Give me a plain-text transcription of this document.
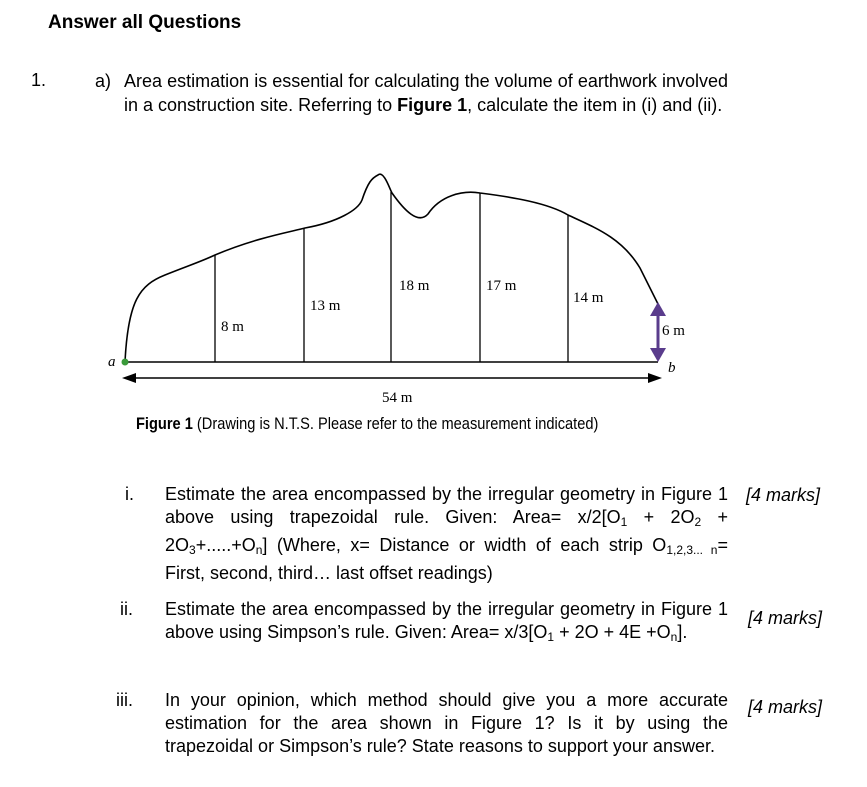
Answer all Questions
1.	a) Area estimation is essential for calculating the volume of earthwork involved in a construction site. Referring to Figure 1, calculate the item in (i) and (ii).
8 m
13 m
18 m	17 m
14 m
6 m
a	b
54 m
Figure 1 (Drawing is N.T.S. Please refer to the measurement indicated)
i. Estimate the area encompassed by the irregular geometry in Figure 1 above using trapezoidal rule. Given: Area= $x/2[O_1 + 2O_2 + 2O_3+.....+O_n]$ (Where, x= Distance or width of each strip $O_{1,2,3... n}=$ First, second, third… last offset readings)
[4 marks]
ii. Estimate the area encompassed by the irregular geometry in Figure 1 above using Simpson’s rule. Given: Area= $x/3[O_1 + 2O + 4E +O_n]$.
[4 marks]
iii. In your opinion, which method should give you a more accurate estimation for the area shown in Figure 1? Is it by using the trapezoidal or Simpson’s rule? State reasons to support your answer.
[4 marks]
